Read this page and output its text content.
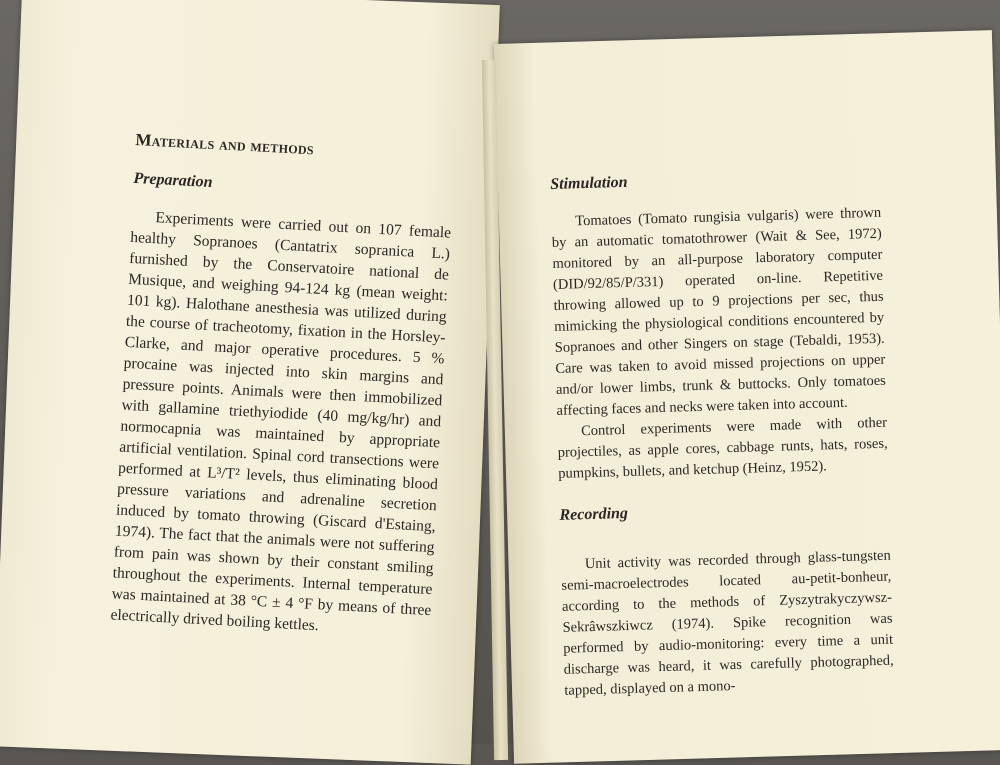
Materials and methods
Preparation

Experiments were carried out on 107 female healthy Sopranoes (Cantatrix sopranica L.) furnished by the Conservatoire national de Musique, and weighing 94-124 kg (mean weight: 101 kg). Halothane anesthesia was utilized during the course of tracheotomy, fixation in the Horsley-Clarke, and major operative procedures. 5 % procaine was injected into skin margins and pressure points. Animals were then immobilized with gallamine triethyiodide (40 mg/kg/hr) and normocapnia was maintained by appropriate artificial ventilation. Spinal cord transections were performed at L³/T² levels, thus eliminating blood pressure variations and adrenaline secretion induced by tomato throwing (Giscard d'Estaing, 1974). The fact that the animals were not suffering from pain was shown by their constant smiling throughout the experiments. Internal temperature was maintained at 38 °C ± 4 °F by means of three electrically drived boiling kettles.

Stimulation

Tomatoes (Tomato rungisia vulgaris) were thrown by an automatic tomatothrower (Wait & See, 1972) monitored by an all-purpose laboratory computer (DID/92/85/P/331) operated on-line. Repetitive throwing allowed up to 9 projections per sec, thus mimicking the physiological conditions encountered by Sopranoes and other Singers on stage (Tebaldi, 1953). Care was taken to avoid missed projections on upper and/or lower limbs, trunk & buttocks. Only tomatoes affecting faces and necks were taken into account.

Control experiments were made with other projectiles, as apple cores, cabbage runts, hats, roses, pumpkins, bullets, and ketchup (Heinz, 1952).

Recording

Unit activity was recorded through glass-tungsten semi-macroelectrodes located au-petit-bonheur, according to the methods of Zyszytrakyczywsz-Sekrâwszkiwcz (1974). Spike recognition was performed by audio-monitoring: every time a unit discharge was heard, it was carefully photographed, tapped, displayed on a mono-
